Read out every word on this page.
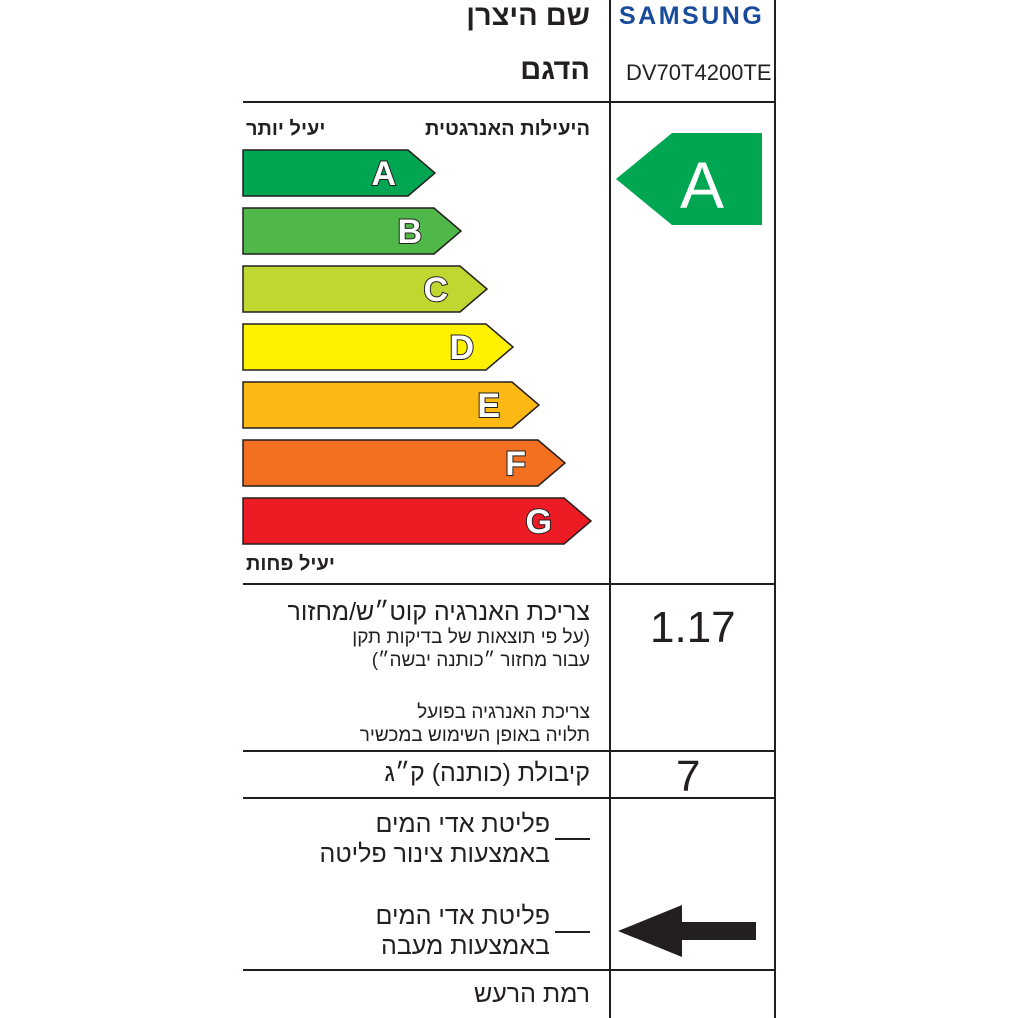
שם היצרן SAMSUNG
הדגם DV70T4200TE
היעילות האנרגטית
יעיל יותר
A
B
C
D
E
F
G
יעיל פחות
A
צריכת האנרגיה קוט״ש/מחזור
(על פי תוצאות של בדיקות תקן
עבור מחזור ״כותנה יבשה״)
צריכת האנרגיה בפועל
תלויה באופן השימוש במכשיר
1.17
קיבולת (כותנה) ק״ג 7
פליטת אדי המים
באמצעות צינור פליטה
פליטת אדי המים
באמצעות מעבה
רמת הרעש
